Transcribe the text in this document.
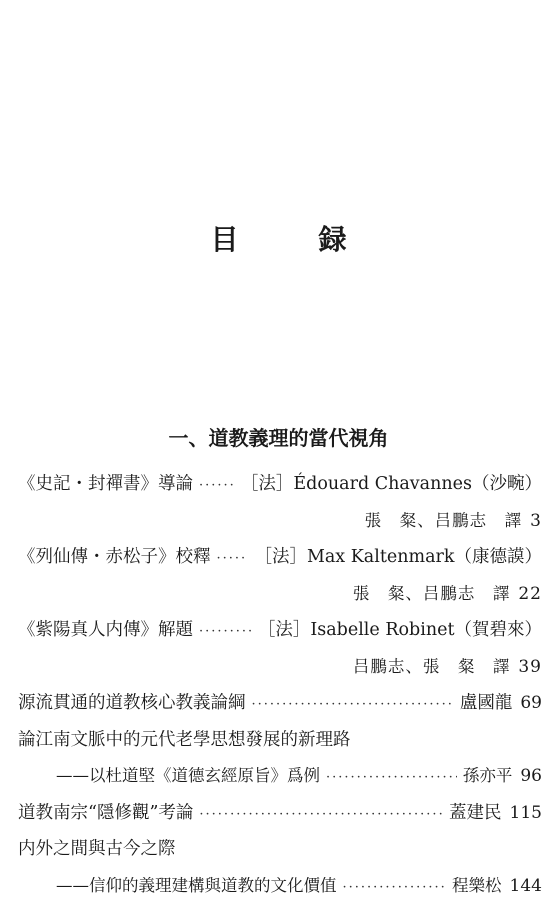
目　録
一、道教義理的當代視角
《史記・封禪書》導論 ·····	［法］Édouard Chavannes（沙畹）
張　粲、吕鵬志　譯 3
《列仙傳・赤松子》校釋 ·····	［法］Max Kaltenmark（康德謨）
張　粲、吕鵬志　譯 22
《紫陽真人内傳》解題 ·····	［法］Isabelle Robinet（賀碧來）
吕鵬志、張　粲　譯 39
源流貫通的道教核心教義論綱 ·····	盧國龍 69
論江南文脈中的元代老學思想發展的新理路
——以杜道堅《道德玄經原旨》爲例 ·····	孫亦平 96
道教南宗“隱修觀”考論 ·····	蓋建民 115
内外之間與古今之際
——信仰的義理建構與道教的文化價值 ·····	程樂松 144
